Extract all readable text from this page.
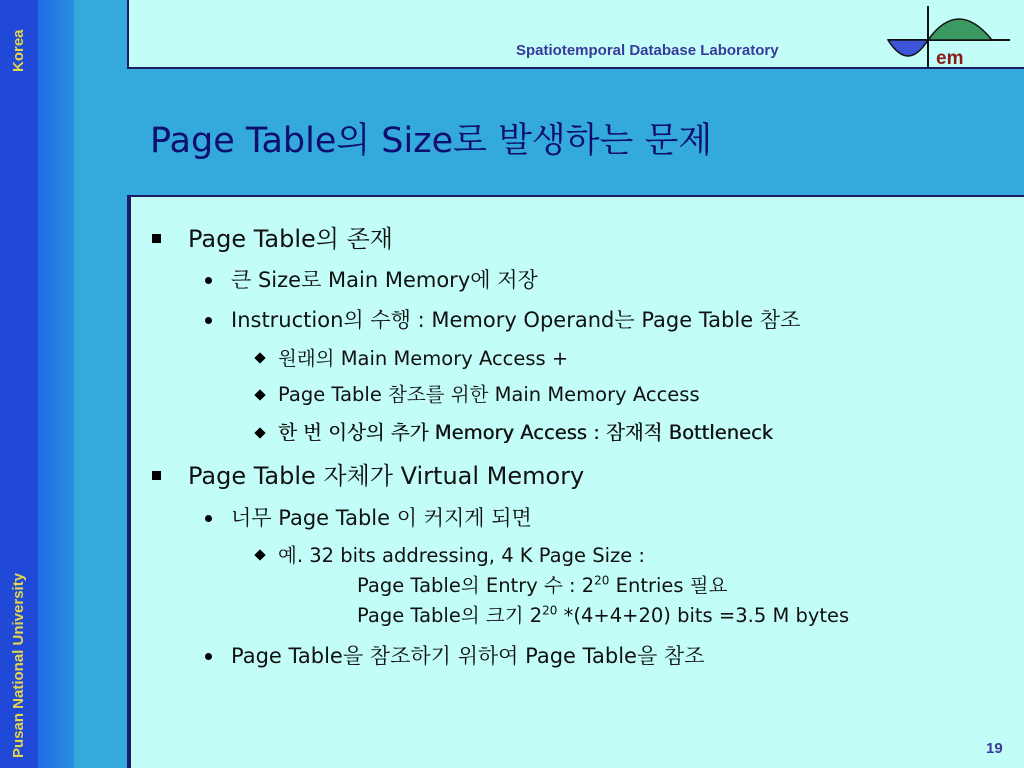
Korea
Pusan National University
Spatiotemporal Database Laboratory	em
Page Table의 Size로 발생하는 문제
Page Table의 존재
큰 Size로 Main Memory에 저장
Instruction의 수행 : Memory Operand는 Page Table 참조
원래의 Main Memory Access +
Page Table 참조를 위한 Main Memory Access
한 번 이상의 추가 Memory Access : 잠재적 Bottleneck
Page Table 자체가 Virtual Memory
너무 Page Table 이 커지게 되면
예. 32 bits addressing, 4 K Page Size :
Page Table의 Entry 수 : $2^{20}$ Entries 필요
Page Table의 크기 $2^{20}$ *(4+4+20) bits =3.5 M bytes
Page Table을 참조하기 위하여 Page Table을 참조
19
